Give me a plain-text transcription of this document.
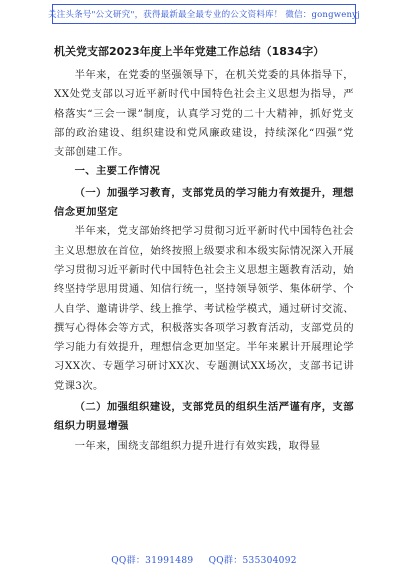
关注头条号"公文研究"，获得最新最全最专业的公文资料库！ 微信：gongwenyj
机关党支部2023年度上半年党建工作总结（1834字）

半年来，在党委的坚强领导下，在机关党委的具体指导下，XX处党支部以习近平新时代中国特色社会主义思想为指导，严格落实“三会一课”制度，认真学习党的二十大精神，抓好党支部的政治建设、组织建设和党风廉政建设，持续深化“四强”党支部创建工作。

一、主要工作情况

（一）加强学习教育，支部党员的学习能力有效提升，理想信念更加坚定

半年来，党支部始终把学习贯彻习近平新时代中国特色社会主义思想放在首位，始终按照上级要求和本级实际情况深入开展学习贯彻习近平新时代中国特色社会主义思想主题教育活动，始终坚持学思用贯通、知信行统一，坚持领导领学、集体研学、个人自学、邀请讲学、线上推学、考试检学模式，通过研讨交流、撰写心得体会等方式，积极落实各项学习教育活动，支部党员的学习能力有效提升，理想信念更加坚定。半年来累计开展理论学习XX次、专题学习研讨XX次、专题测试XX场次，支部书记讲党课3次。

（二）加强组织建设，支部党员的组织生活严谨有序，支部组织力明显增强

一年来，围绕支部组织力提升进行有效实践，取得显

QQ群：31991489 QQ群：535304092
